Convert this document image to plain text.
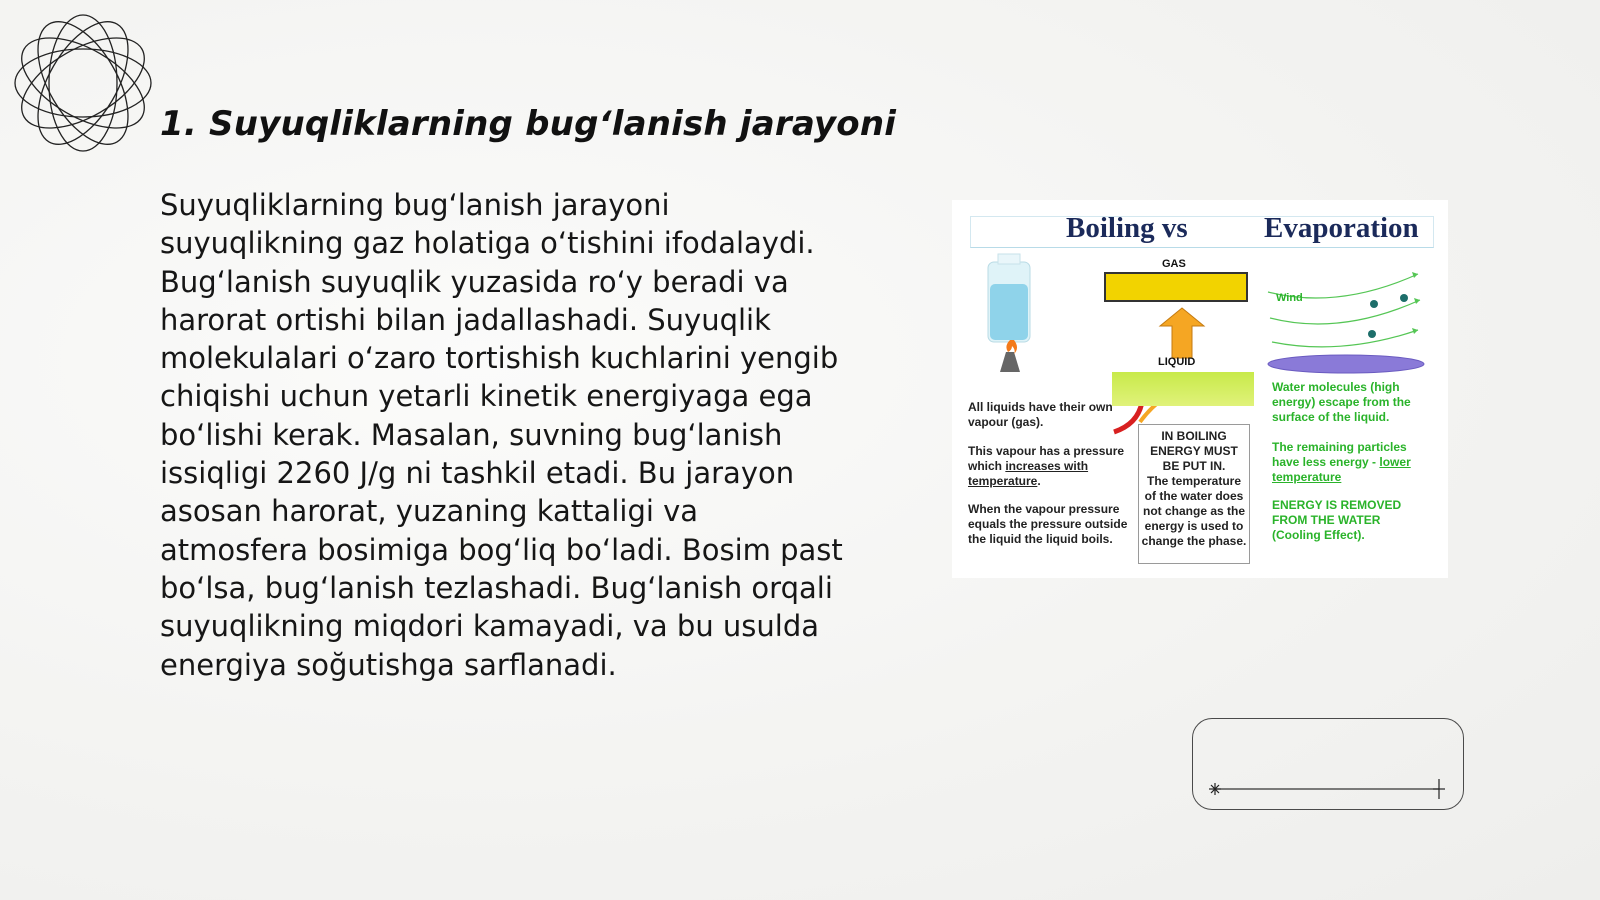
1. Suyuqliklarning bug‘lanish jarayoni

Suyuqliklarning bug‘lanish jarayoni suyuqlikning gaz holatiga o‘tishini ifodalaydi. Bug‘lanish suyuqlik yuzasida ro‘y beradi va harorat ortishi bilan jadallashadi. Suyuqlik molekulalari o‘zaro tortishish kuchlarini yengib chiqishi uchun yetarli kinetik energiyaga ega bo‘lishi kerak. Masalan, suvning bug‘lanish issiqligi 2260 J/g ni tashkil etadi. Bu jarayon asosan harorat, yuzaning kattaligi va atmosfera bosimiga bog‘liq bo‘ladi. Bosim past bo‘lsa, bug‘lanish tezlashadi. Bug‘lanish orqali suyuqlikning miqdori kamayadi, va bu usulda energiya soğutishga sarflanadi.

Boiling vs	Evaporation
GAS
LIQUID
Wind
All liquids have their own vapour (gas).
This vapour has a pressure which increases with temperature.
When the vapour pressure equals the pressure outside the liquid the liquid boils.
IN BOILING ENERGY MUST BE PUT IN.
The temperature of the water does not change as the energy is used to change the phase.
Water molecules (high energy) escape from the surface of the liquid.
The remaining particles have less energy - lower temperature
ENERGY IS REMOVED FROM THE WATER (Cooling Effect).
